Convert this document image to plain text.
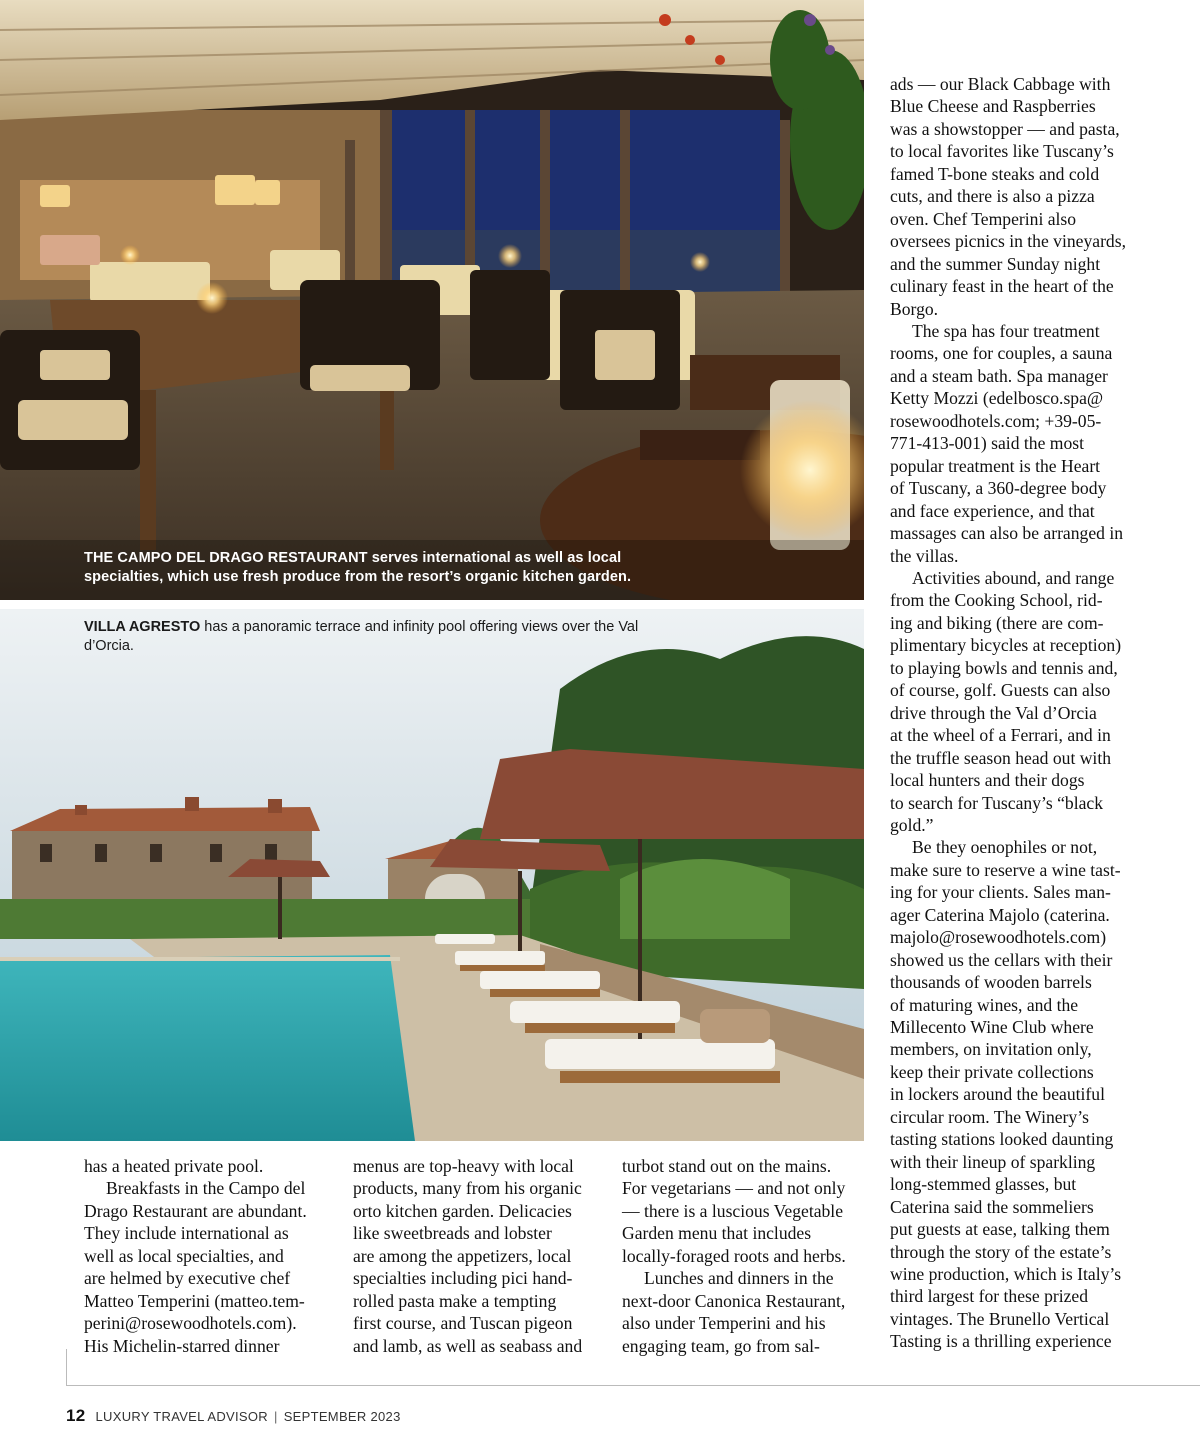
THE CAMPO DEL DRAGO RESTAURANT serves international as well as local specialties, which use fresh produce from the resort’s organic kitchen garden.
VILLA AGRESTO has a panoramic terrace and infinity pool offering views over the Val d’Orcia.

has a heated private pool.

Breakfasts in the Campo del
Drago Restaurant are abundant.
They include international as
well as local specialties, and
are helmed by executive chef
Matteo Temperini (matteo.tem-
perini@rosewoodhotels.com).
His Michelin-starred dinner

menus are top-heavy with local
products, many from his organic
orto kitchen garden. Delicacies
like sweetbreads and lobster
are among the appetizers, local
specialties including pici hand-
rolled pasta make a tempting
first course, and Tuscan pigeon
and lamb, as well as seabass and

turbot stand out on the mains.
For vegetarians — and not only
— there is a luscious Vegetable
Garden menu that includes
locally-foraged roots and herbs.

Lunches and dinners in the
next-door Canonica Restaurant,
also under Temperini and his
engaging team, go from sal-

ads — our Black Cabbage with
Blue Cheese and Raspberries
was a showstopper — and pasta,
to local favorites like Tuscany’s
famed T-bone steaks and cold
cuts, and there is also a pizza
oven. Chef Temperini also
oversees picnics in the vineyards,
and the summer Sunday night
culinary feast in the heart of the
Borgo.

The spa has four treatment
rooms, one for couples, a sauna
and a steam bath. Spa manager
Ketty Mozzi (edelbosco.spa@
rosewoodhotels.com; +39-05-
771-413-001) said the most
popular treatment is the Heart
of Tuscany, a 360-degree body
and face experience, and that
massages can also be arranged in
the villas.

Activities abound, and range
from the Cooking School, rid-
ing and biking (there are com-
plimentary bicycles at reception)
to playing bowls and tennis and,
of course, golf. Guests can also
drive through the Val d’Orcia
at the wheel of a Ferrari, and in
the truffle season head out with
local hunters and their dogs
to search for Tuscany’s “black
gold.”

Be they oenophiles or not,
make sure to reserve a wine tast-
ing for your clients. Sales man-
ager Caterina Majolo (caterina.
majolo@rosewoodhotels.com)
showed us the cellars with their
thousands of wooden barrels
of maturing wines, and the
Millecento Wine Club where
members, on invitation only,
keep their private collections
in lockers around the beautiful
circular room. The Winery’s
tasting stations looked daunting
with their lineup of sparkling
long-stemmed glasses, but
Caterina said the sommeliers
put guests at ease, talking them
through the story of the estate’s
wine production, which is Italy’s
third largest for these prized
vintages. The Brunello Vertical
Tasting is a thrilling experience

12 LUXURY TRAVEL ADVISOR | SEPTEMBER 2023
